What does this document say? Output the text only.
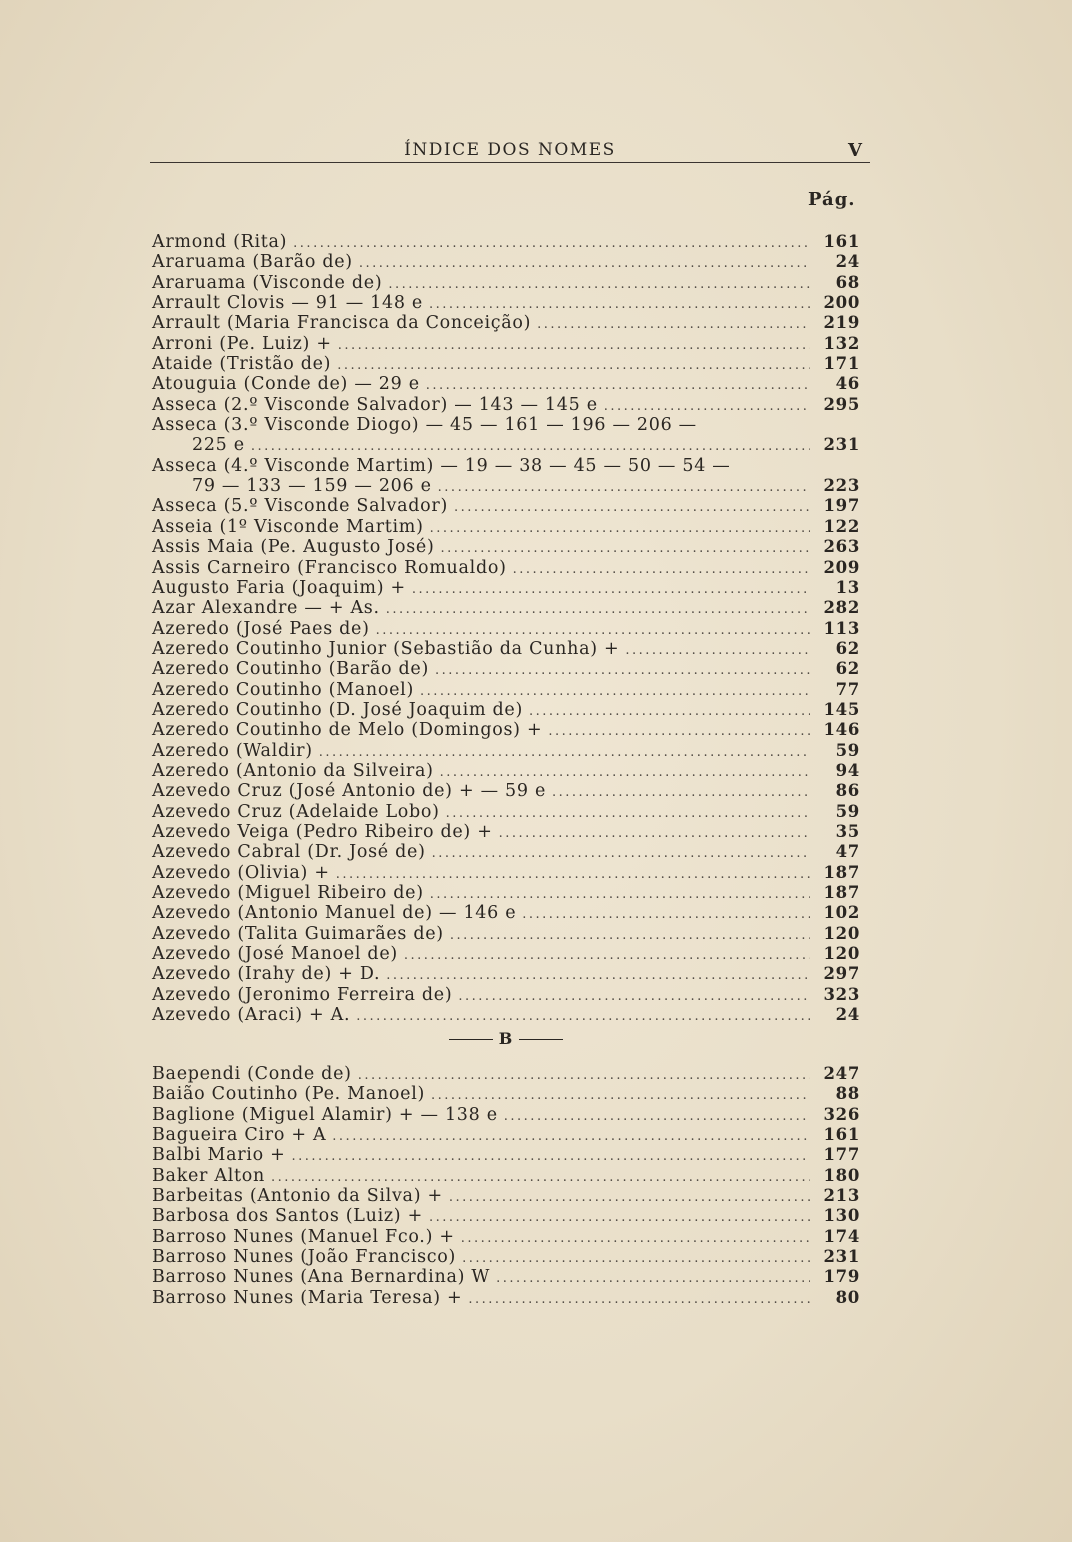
ÍNDICE DOS NOMES	V
Pág.
Armond (Rita) .....	161
Araruama (Barão de) .....	24
Araruama (Visconde de) .....	68
Arrault Clovis — 91 — 148 e .....	200
Arrault (Maria Francisca da Conceição) .....	219
Arroni (Pe. Luiz) + .....	132
Ataide (Tristão de) .....	171
Atouguia (Conde de) — 29 e .....	46
Asseca (2.º Visconde Salvador) — 143 — 145 e .....	295
Asseca (3.º Visconde Diogo) — 45 — 161 — 196 — 206 —
225 e .....	231
Asseca (4.º Visconde Martim) — 19 — 38 — 45 — 50 — 54 —
79 — 133 — 159 — 206 e .....	223
Asseca (5.º Visconde Salvador) .....	197
Asseia (1º Visconde Martim) .....	122
Assis Maia (Pe. Augusto José) .....	263
Assis Carneiro (Francisco Romualdo) .....	209
Augusto Faria (Joaquim) + .....	13
Azar Alexandre — + As. .....	282
Azeredo (José Paes de) .....	113
Azeredo Coutinho Junior (Sebastião da Cunha) + .....	62
Azeredo Coutinho (Barão de) .....	62
Azeredo Coutinho (Manoel) .....	77
Azeredo Coutinho (D. José Joaquim de) .....	145
Azeredo Coutinho de Melo (Domingos) + .....	146
Azeredo (Waldir) .....	59
Azeredo (Antonio da Silveira) .....	94
Azevedo Cruz (José Antonio de) + — 59 e .....	86
Azevedo Cruz (Adelaide Lobo) .....	59
Azevedo Veiga (Pedro Ribeiro de) + .....	35
Azevedo Cabral (Dr. José de) .....	47
Azevedo (Olivia) + .....	187
Azevedo (Miguel Ribeiro de) .....	187
Azevedo (Antonio Manuel de) — 146 e .....	102
Azevedo (Talita Guimarães de) .....	120
Azevedo (José Manoel de) .....	120
Azevedo (Irahy de) + D. .....	297
Azevedo (Jeronimo Ferreira de) .....	323
Azevedo (Araci) + A. .....	24
B
Baependi (Conde de) .....	247
Baião Coutinho (Pe. Manoel) .....	88
Baglione (Miguel Alamir) + — 138 e .....	326
Bagueira Ciro + A .....	161
Balbi Mario + .....	177
Baker Alton .....	180
Barbeitas (Antonio da Silva) + .....	213
Barbosa dos Santos (Luiz) + .....	130
Barroso Nunes (Manuel Fco.) + .....	174
Barroso Nunes (João Francisco) .....	231
Barroso Nunes (Ana Bernardina) W .....	179
Barroso Nunes (Maria Teresa) + .....	80
